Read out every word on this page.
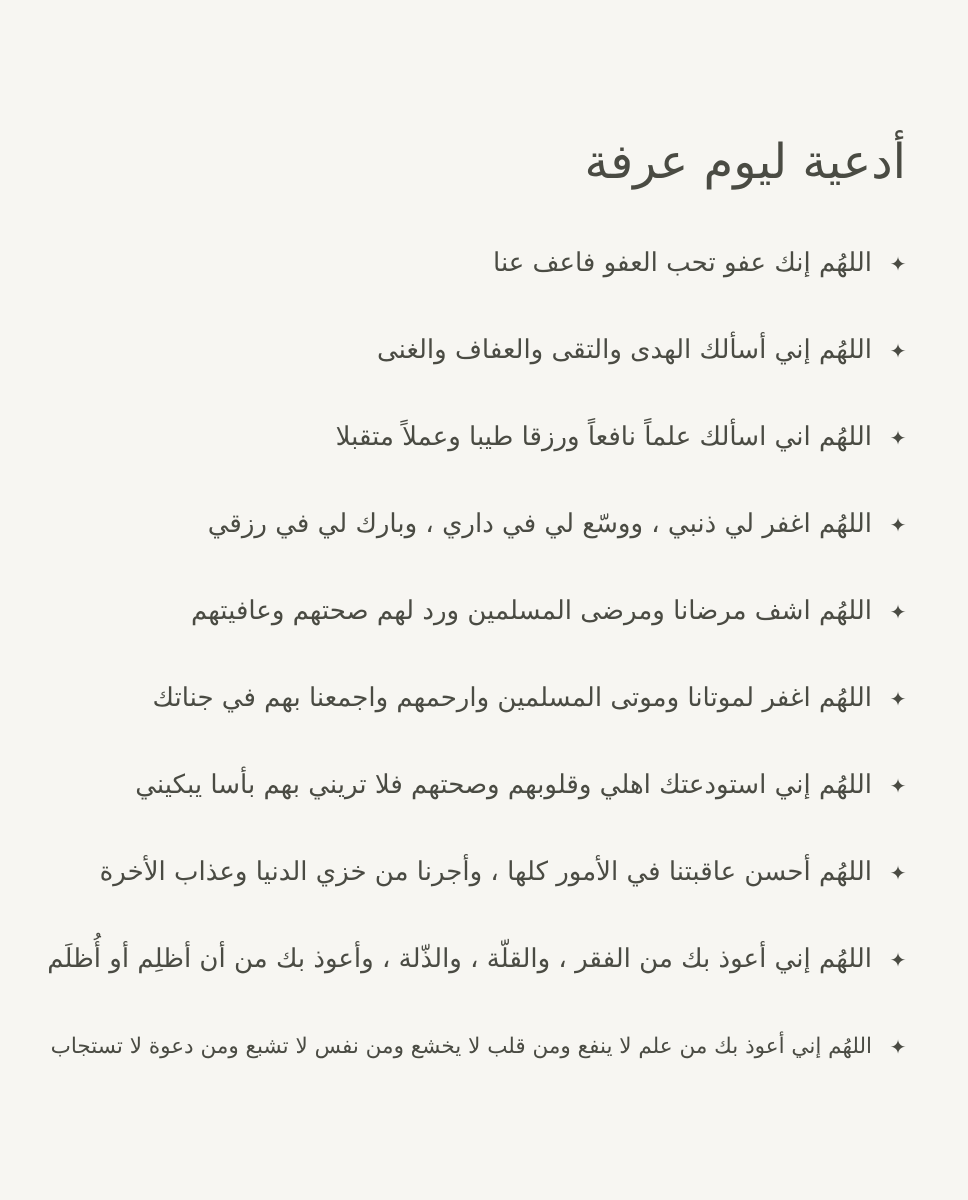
أدعية ليوم عرفة
✦
اللهُم إنك عفو تحب العفو فاعف عنا
✦
اللهُم إني أسألك الهدى والتقى والعفاف والغنى
✦
اللهُم اني اسألك علماً نافعاً ورزقا طيبا وعملاً متقبلا
✦
اللهُم اغفر لي ذنبي ، ووسّع لي في داري ، وبارك لي في رزقي
✦
اللهُم اشف مرضانا ومرضى المسلمين ورد لهم صحتهم وعافيتهم
✦
اللهُم اغفر لموتانا وموتى المسلمين وارحمهم واجمعنا بهم في جناتك
✦
اللهُم إني استودعتك اهلي وقلوبهم وصحتهم فلا تريني بهم بأسا يبكيني
✦
اللهُم أحسن عاقبتنا في الأمور كلها ، وأجرنا من خزي الدنيا وعذاب الأخرة
✦
اللهُم إني أعوذ بك من الفقر ، والقلّة ، والذّلة ، وأعوذ بك من أن أظلِم أو أُظلَم
✦
اللهُم إني أعوذ بك من علم لا ينفع ومن قلب لا يخشع ومن نفس لا تشبع ومن دعوة لا تستجاب
